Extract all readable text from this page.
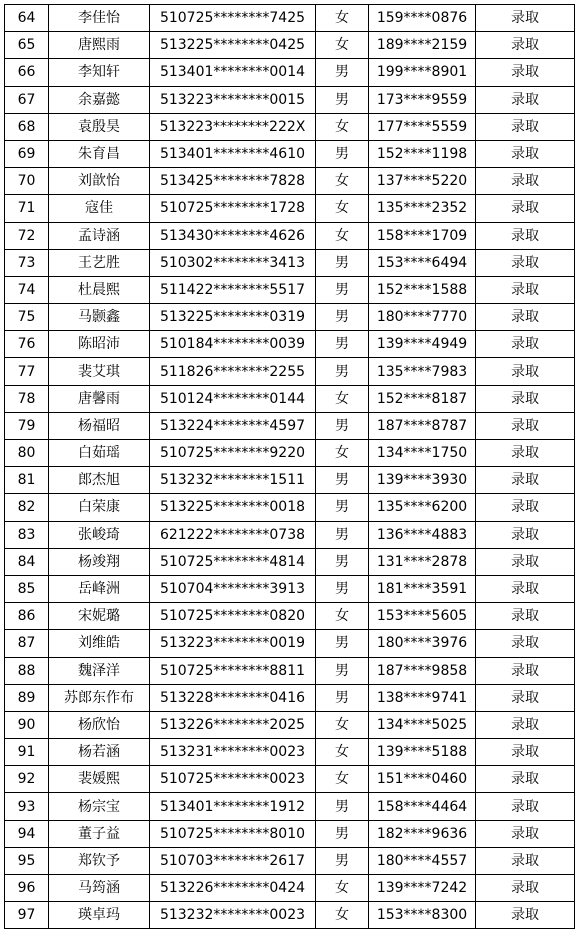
64	李佳怡	510725********7425	女	159****0876	录取
65	唐熙雨	513225********0425	女	189****2159	录取
66	李知轩	513401********0014	男	199****8901	录取
67	余嘉懿	513223********0015	男	173****9559	录取
68	袁殷昊	513223********222X	女	177****5559	录取
69	朱育昌	513401********4610	男	152****1198	录取
70	刘歆怡	513425********7828	女	137****5220	录取
71	寇佳	510725********1728	女	135****2352	录取
72	孟诗涵	513430********4626	女	158****1709	录取
73	王艺胜	510302********3413	男	153****6494	录取
74	杜晨熙	511422********5517	男	152****1588	录取
75	马颢鑫	513225********0319	男	180****7770	录取
76	陈昭沛	510184********0039	男	139****4949	录取
77	裴艾琪	511826********2255	男	135****7983	录取
78	唐馨雨	510124********0144	女	152****8187	录取
79	杨福昭	513224********4597	男	187****8787	录取
80	白茹瑶	510725********9220	女	134****1750	录取
81	郎杰旭	513232********1511	男	139****3930	录取
82	白荣康	513225********0018	男	135****6200	录取
83	张峻琦	621222********0738	男	136****4883	录取
84	杨竣翔	510725********4814	男	131****2878	录取
85	岳峰洲	510704********3913	男	181****3591	录取
86	宋妮璐	510725********0820	女	153****5605	录取
87	刘维皓	513223********0019	男	180****3976	录取
88	魏泽洋	510725********8811	男	187****9858	录取
89	苏郎东作布	513228********0416	男	138****9741	录取
90	杨欣怡	513226********2025	女	134****5025	录取
91	杨若涵	513231********0023	女	139****5188	录取
92	裴媛熙	510725********0023	女	151****0460	录取
93	杨宗宝	513401********1912	男	158****4464	录取
94	董子益	510725********8010	男	182****9636	录取
95	郑钦予	510703********2617	男	180****4557	录取
96	马筠涵	513226********0424	女	139****7242	录取
97	瑛卓玛	513232********0023	女	153****8300	录取
